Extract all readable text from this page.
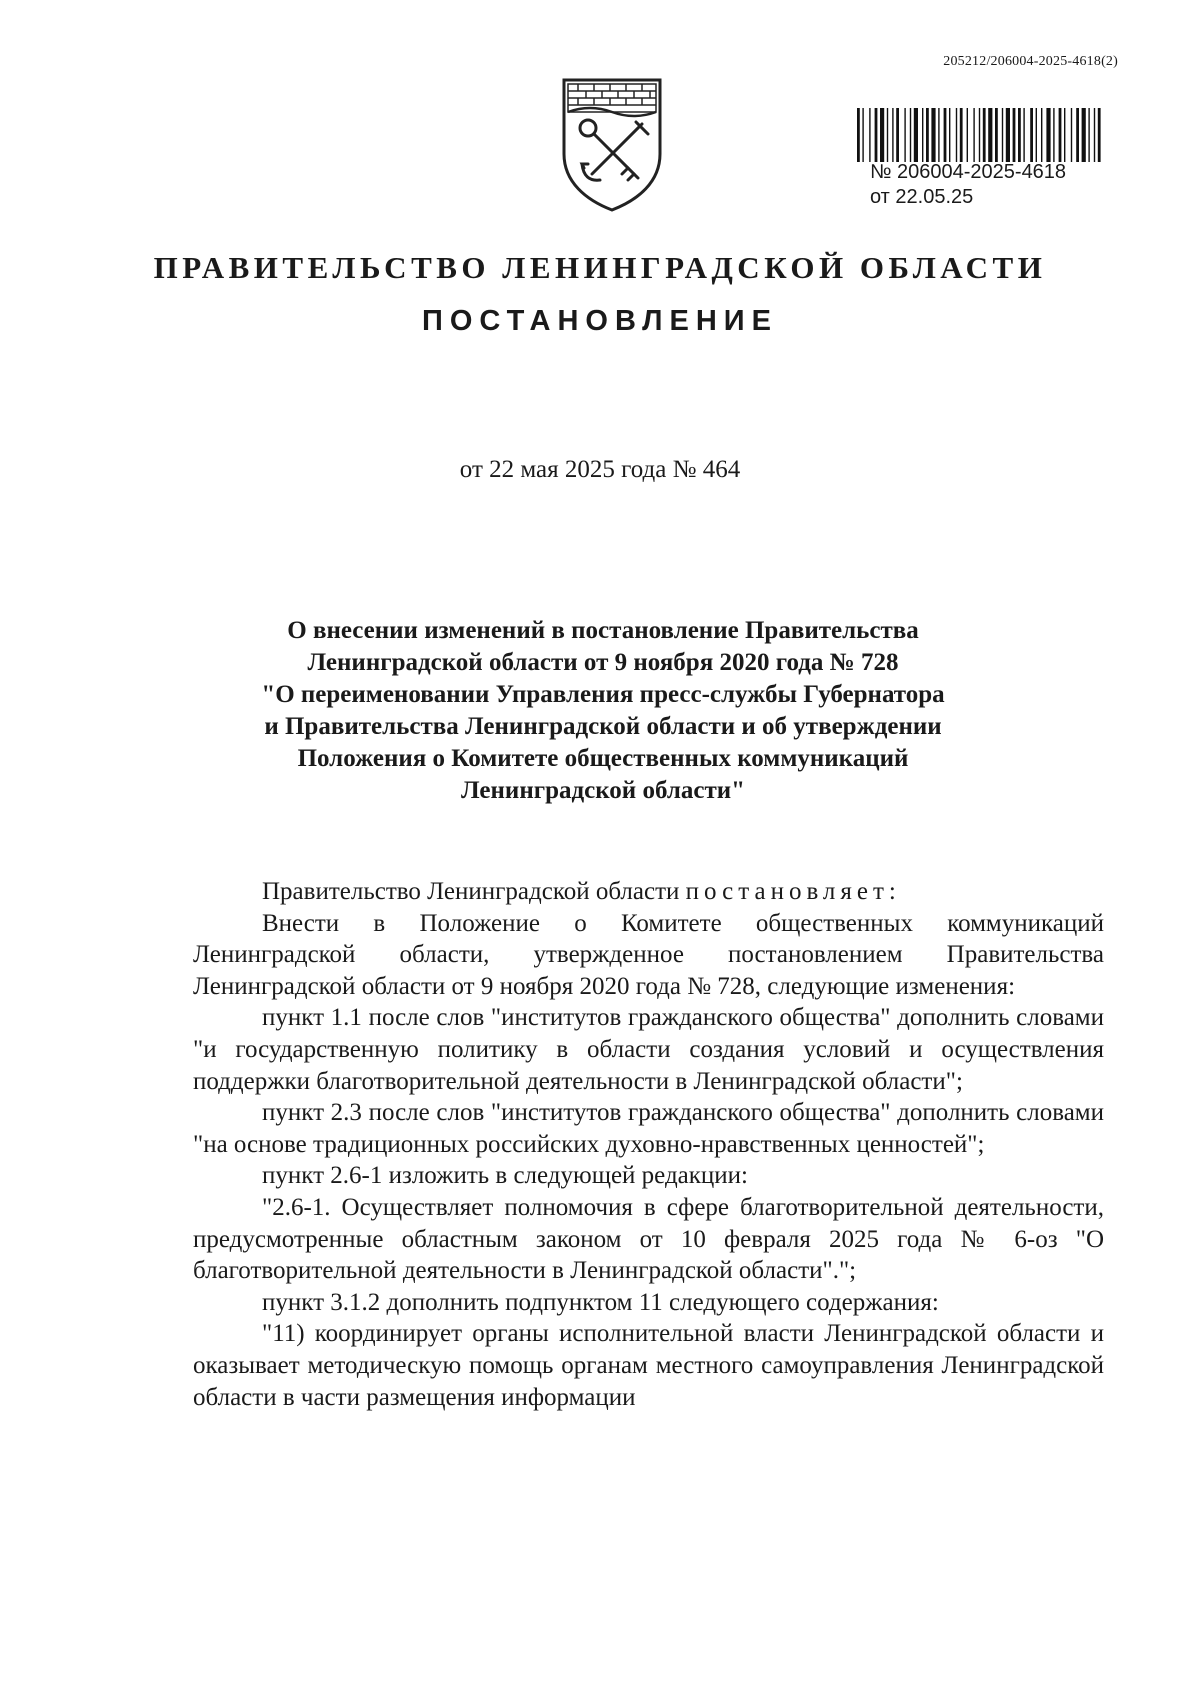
205212/206004-2025-4618(2)
№ 206004-2025-4618
от 22.05.25
ПРАВИТЕЛЬСТВО ЛЕНИНГРАДСКОЙ ОБЛАСТИ
ПОСТАНОВЛЕНИЕ
от 22 мая 2025 года № 464
О внесении изменений в постановление Правительства
Ленинградской области от 9 ноября 2020 года № 728
"О переименовании Управления пресс-службы Губернатора
и Правительства Ленинградской области и об утверждении
Положения о Комитете общественных коммуникаций
Ленинградской области"

Правительство Ленинградской области постановляет:

Внести в Положение о Комитете общественных коммуникаций Ленинградской области, утвержденное постановлением Правительства Ленинградской области от 9 ноября 2020 года № 728, следующие изменения:

пункт 1.1 после слов "институтов гражданского общества" дополнить словами "и государственную политику в области создания условий и осуществления поддержки благотворительной деятельности в Ленинградской области";

пункт 2.3 после слов "институтов гражданского общества" дополнить словами "на основе традиционных российских духовно-нравственных ценностей";

пункт 2.6-1 изложить в следующей редакции:

"2.6-1. Осуществляет полномочия в сфере благотворительной деятельности, предусмотренные областным законом от 10 февраля 2025 года № 6-оз "О благотворительной деятельности в Ленинградской области".";

пункт 3.1.2 дополнить подпунктом 11 следующего содержания:

"11) координирует органы исполнительной власти Ленинградской области и оказывает методическую помощь органам местного самоуправления Ленинградской области в части размещения информации
